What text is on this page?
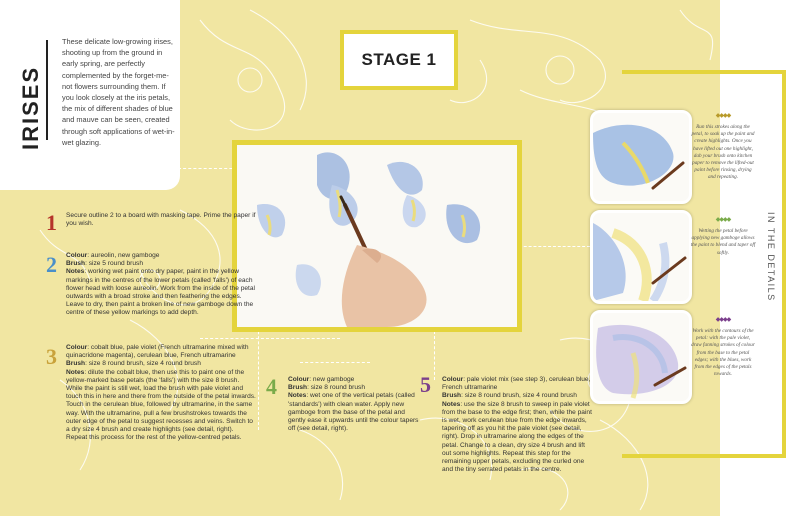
IRISES
These delicate low-growing irises, shooting up from the ground in early spring, are perfectly complemented by the forget-me-not flowers surrounding them. If you look closely at the iris petals, the mix of different shades of blue and mauve can be seen, created through soft applications of wet-in-wet glazing.
STAGE 1
IN THE DETAILS
◆◆◆◆
Run this strokes along the petal, to soak up the paint and create highlights. Once you have lifted out one highlight, dab your brush onto kitchen paper to remove the lifted-out paint before rinsing, drying and repeating.
◆◆◆◆
Wetting the petal before applying new gamboge allows the paint to blend and taper off softly.
◆◆◆◆
Work with the contours of the petal: with the pale violet, draw fanning strokes of colour from the base to the petal edges; with the blues, work from the edges of the petals towards.
1 Secure outline 2 to a board with masking tape. Prime the paper if you wish.
2 Colour: aureolin, new gamboge
Brush: size 5 round brush
Notes: working wet paint onto dry paper, paint in the yellow markings in the centres of the lower petals (called 'falls') of each flower head with loose aureolin. Work from the inside of the petal outwards with a broad stroke and then feathering the edges. Leave to dry, then paint a broken line of new gamboge down the centre of these yellow markings to add depth.
3 Colour: cobalt blue, pale violet (French ultramarine mixed with quinacridone magenta), cerulean blue, French ultramarine
Brush: size 8 round brush, size 4 round brush
Notes: dilute the cobalt blue, then use this to paint one of the yellow-marked base petals (the 'falls') with the size 8 brush. While the paint is still wet, load the brush with pale violet and touch this in here and there from the outside of the petal inwards. Touch in the cerulean blue, followed by ultramarine, in the same way. With the ultramarine, pull a few brushstrokes towards the outer edge of the petal to suggest recesses and veins. Switch to a dry size 4 brush and create highlights (see detail, right). Repeat this process for the rest of the yellow-centred petals.
4 Colour: new gamboge
Brush: size 8 round brush
Notes: wet one of the vertical petals (called 'standards') with clean water. Apply new gamboge from the base of the petal and gently ease it upwards until the colour tapers off (see detail, right).
5 Colour: pale violet mix (see step 3), cerulean blue, French ultramarine
Brush: size 8 round brush, size 4 round brush
Notes: use the size 8 brush to sweep in pale violet from the base to the edge first; then, while the paint is wet, work cerulean blue from the edge inwards, tapering off as you hit the pale violet (see detail, right). Drop in ultramarine along the edges of the petal. Change to a clean, dry size 4 brush and lift out some highlights. Repeat this step for the remaining upper petals, excluding the curled one and the tiny serrated petals in the centre.
